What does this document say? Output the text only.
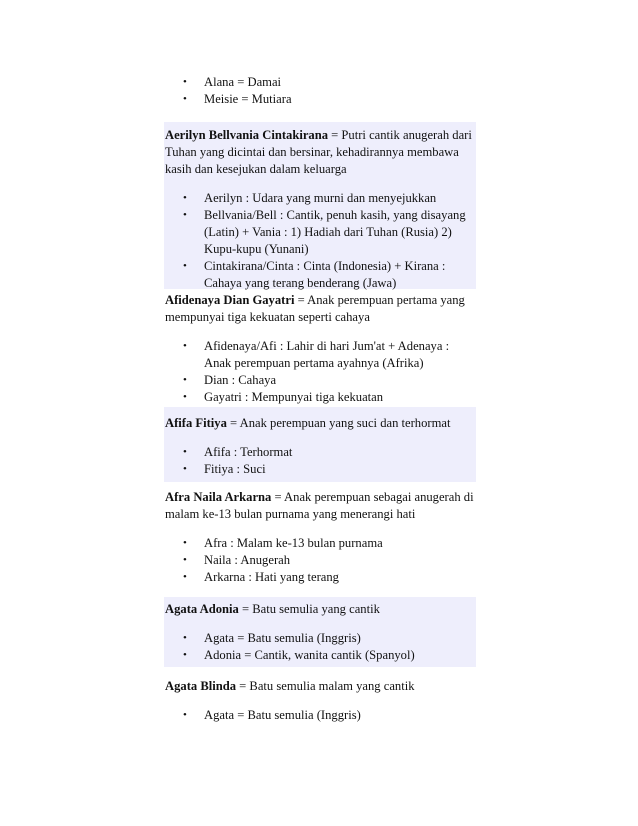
• Alana = Damai
• Meisie = Mutiara

Aerilyn Bellvania Cintakirana = Putri cantik anugerah dari Tuhan yang dicintai dan bersinar, kehadirannya membawa kasih dan kesejukan dalam keluarga

• Aerilyn : Udara yang murni dan menyejukkan
• Bellvania/Bell : Cantik, penuh kasih, yang disayang (Latin) + Vania : 1) Hadiah dari Tuhan (Rusia) 2) Kupu-kupu (Yunani)
• Cintakirana/Cinta : Cinta (Indonesia) + Kirana : Cahaya yang terang benderang (Jawa)

Afidenaya Dian Gayatri = Anak perempuan pertama yang mempunyai tiga kekuatan seperti cahaya

• Afidenaya/Afi : Lahir di hari Jum'at + Adenaya : Anak perempuan pertama ayahnya (Afrika)
• Dian : Cahaya
• Gayatri : Mempunyai tiga kekuatan

Afifa Fitiya = Anak perempuan yang suci dan terhormat

• Afifa : Terhormat
• Fitiya : Suci

Afra Naila Arkarna = Anak perempuan sebagai anugerah di malam ke-13 bulan purnama yang menerangi hati

• Afra : Malam ke-13 bulan purnama
• Naila : Anugerah
• Arkarna : Hati yang terang

Agata Adonia = Batu semulia yang cantik

• Agata = Batu semulia (Inggris)
• Adonia = Cantik, wanita cantik (Spanyol)

Agata Blinda = Batu semulia malam yang cantik

• Agata = Batu semulia (Inggris)
